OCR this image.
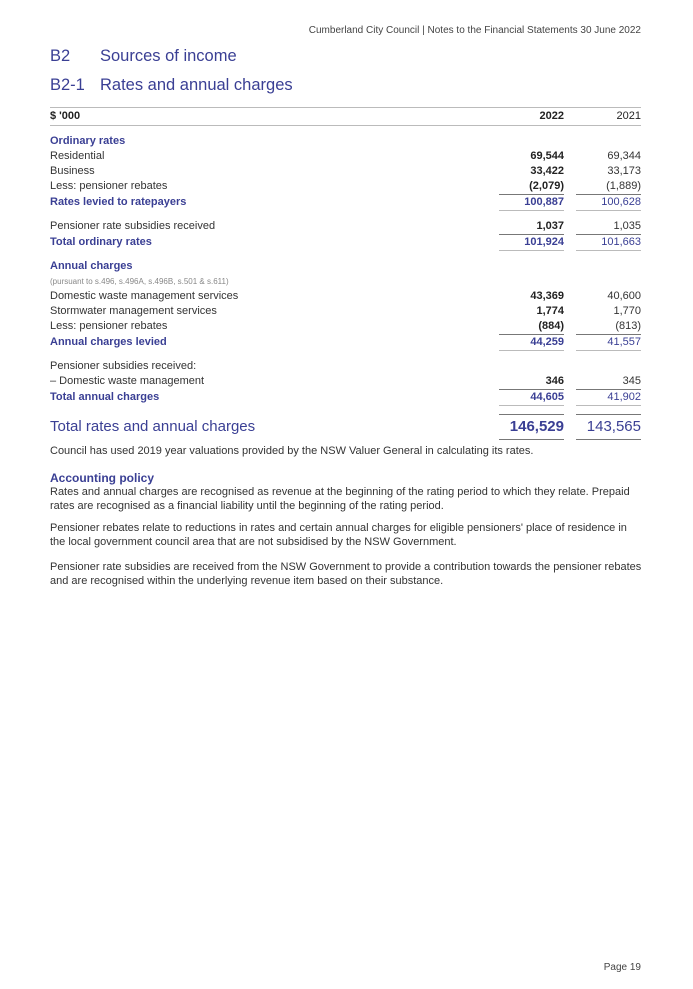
Cumberland City Council | Notes to the Financial Statements 30 June 2022
B2	Sources of income
B2-1 Rates and annual charges
$ '000	2022		2021

Ordinary rates			
Residential	69,544		69,344
Business	33,422		33,173
Less: pensioner rebates	(2,079)		(1,889)
Rates levied to ratepayers	100,887		100,628

Pensioner rate subsidies received	1,037		1,035
Total ordinary rates	101,924		101,663

Annual charges			
(pursuant to s.496, s.496A, s.496B, s.501 & s.611)			
Domestic waste management services	43,369		40,600
Stormwater management services	1,774		1,770
Less: pensioner rebates	(884)		(813)
Annual charges levied	44,259		41,557

Pensioner subsidies received:			
– Domestic waste management	346		345
Total annual charges	44,605		41,902

Total rates and annual charges	146,529		143,565

Council has used 2019 year valuations provided by the NSW Valuer General in calculating its rates.

Accounting policy

Rates and annual charges are recognised as revenue at the beginning of the rating period to which they relate. Prepaid rates are recognised as a financial liability until the beginning of the rating period.

Pensioner rebates relate to reductions in rates and certain annual charges for eligible pensioners' place of residence in the local government council area that are not subsidised by the NSW Government.

Pensioner rate subsidies are received from the NSW Government to provide a contribution towards the pensioner rebates and are recognised within the underlying revenue item based on their substance.

Page 19
